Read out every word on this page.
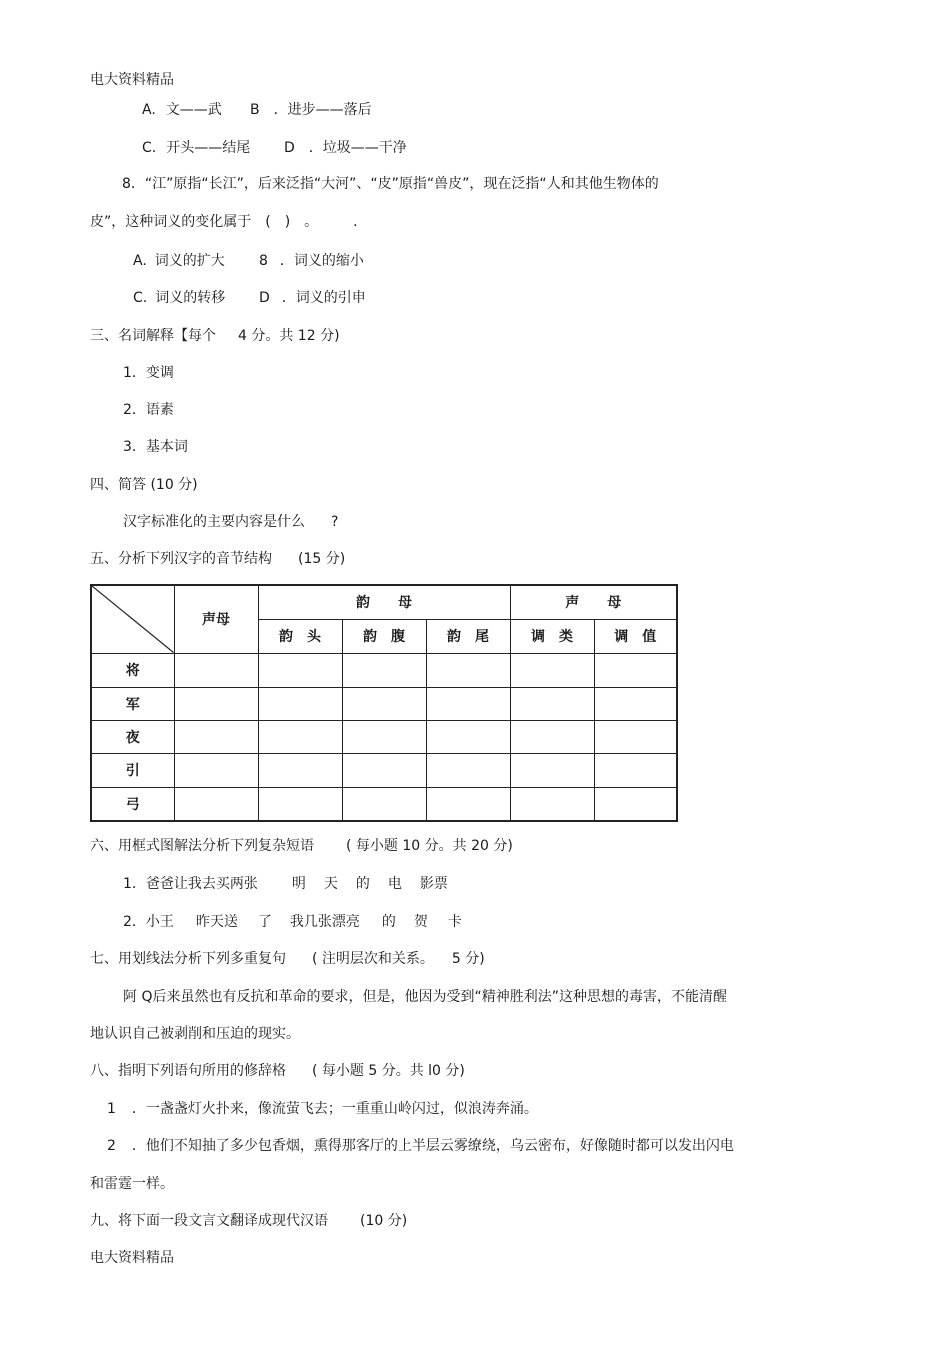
电大资料精品
A. 文——武 B ．进步——落后
C. 开头——结尾 D ．垃圾——干净
8．“江”原指“长江”，后来泛指“大河”、“皮”原指“兽皮”，现在泛指“人和其他生物体的
皮”，这种词义的变化属于　(　)　。　　　.
A. 词义的扩大 8 ．词义的缩小
C. 词义的转移 D ．词义的引申
三、名词解释【每个 4 分。共 12 分)
1．变调
2．语素
3．基本词
四、简答 (10 分)
汉字标准化的主要内容是什么 ?
五、分析下列汉字的音节结构 (15 分)
	声母	韵　　母			声　　母	
		韵　头	韵　腹	韵　尾	调　类	调　值
将						
军						
夜						
引						
弓						
六、用框式图解法分析下列复杂短语 ( 每小题 10 分。共 20 分)
1．爸爸让我去买两张 明 天 的 电 影票
2．小王 昨天送 了 我几张漂亮 的 贺 卡
七、用划线法分析下列多重复句 ( 注明层次和关系。 5 分)
阿 Q后来虽然也有反抗和革命的要求，但是，他因为受到“精神胜利法”这种思想的毒害，不能清醒
地认识自己被剥削和压迫的现实。
八、指明下列语句所用的修辞格 ( 每小题 5 分。共 l0 分)
1 ．一盏盏灯火扑来，像流萤飞去；一重重山岭闪过，似浪涛奔涌。
2 ．他们不知抽了多少包香烟，熏得那客厅的上半层云雾缭绕，乌云密布，好像随时都可以发出闪电
和雷霆一样。
九、将下面一段文言文翻译成现代汉语 (10 分)
电大资料精品
